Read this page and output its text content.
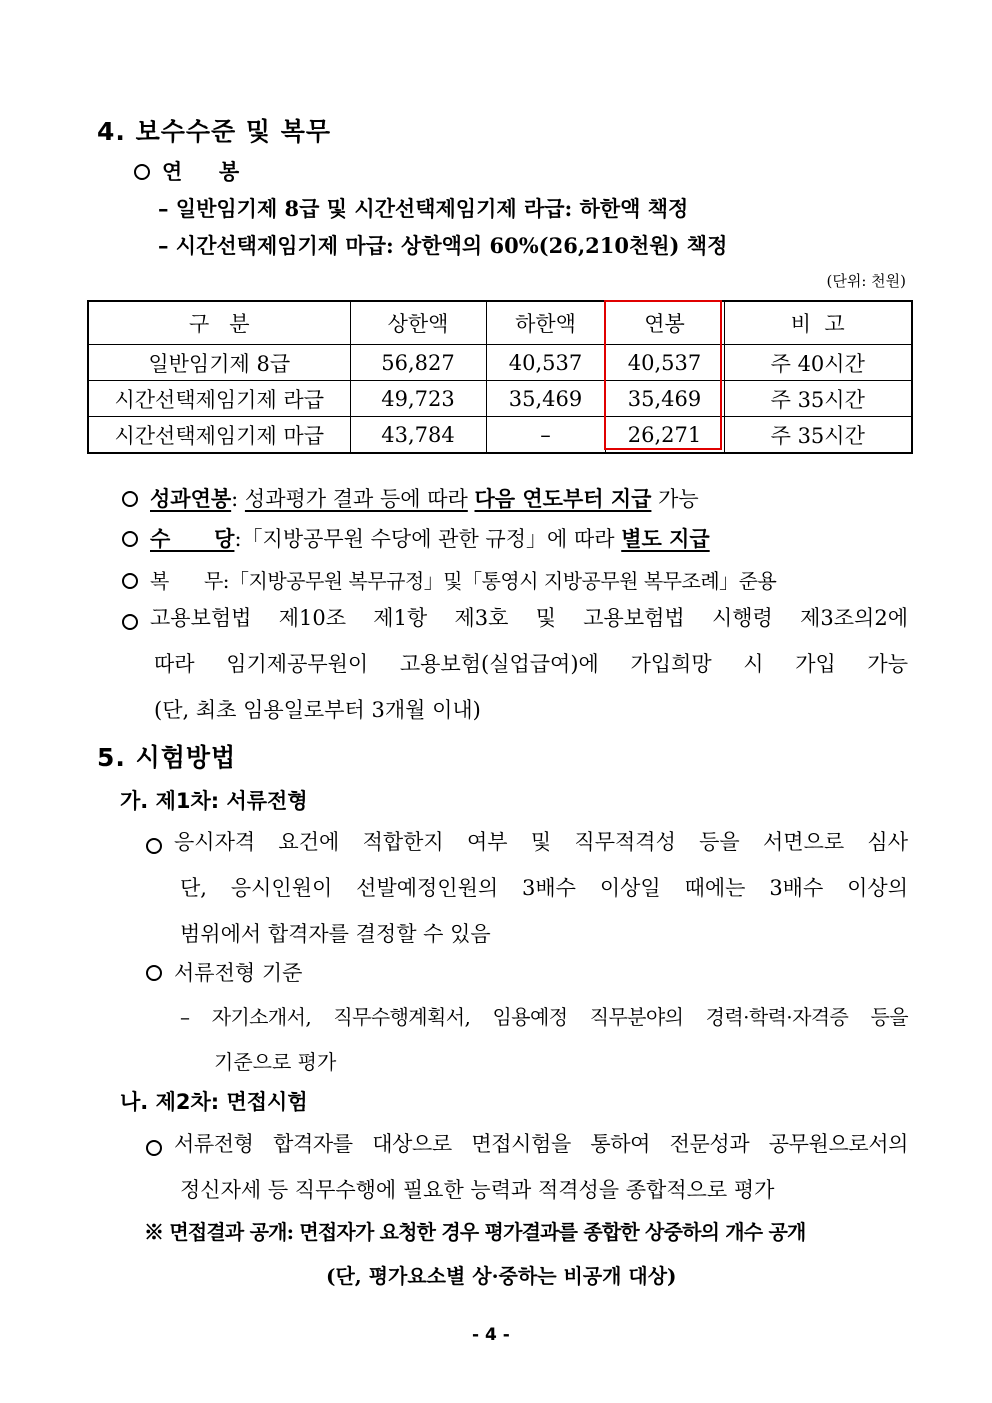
4. 보수수준 및 복무
연     봉
– 일반임기제 8급 및 시간선택제임기제 라급: 하한액 책정
– 시간선택제임기제 마급: 상한액의 60%(26,210천원) 책정
(단위: 천원)
구   분	상한액	하한액	연봉	비  고
일반임기제 8급	56,827	40,537	40,537	주 40시간
시간선택제임기제 라급	49,723	35,469	35,469	주 35시간
시간선택제임기제 마급	43,784	–	26,271	주 35시간
성과연봉: 성과평가 결과 등에 따라 다음 연도부터 지급 가능
수      당:「지방공무원 수당에 관한 규정」에 따라 별도 지급
복      무:「지방공무원 복무규정」및「통영시 지방공무원 복무조례」준용
고용보험법 제10조 제1항 제3호 및 고용보험법 시행령 제3조의2에
따라 임기제공무원이 고용보험(실업급여)에 가입희망 시 가입 가능
(단, 최초 임용일로부터 3개월 이내)
5. 시험방법
가. 제1차: 서류전형
응시자격 요건에 적합한지 여부 및 직무적격성 등을 서면으로 심사
단, 응시인원이 선발예정인원의 3배수 이상일 때에는 3배수 이상의
범위에서 합격자를 결정할 수 있음
서류전형 기준
– 자기소개서, 직무수행계획서, 임용예정 직무분야의 경력·학력·자격증 등을
기준으로 평가
나. 제2차: 면접시험
서류전형 합격자를 대상으로 면접시험을 통하여 전문성과 공무원으로서의
정신자세 등 직무수행에 필요한 능력과 적격성을 종합적으로 평가
※ 면접결과 공개: 면접자가 요청한 경우 평가결과를 종합한 상중하의 개수 공개
(단, 평가요소별 상·중하는 비공개 대상)
- 4 -
